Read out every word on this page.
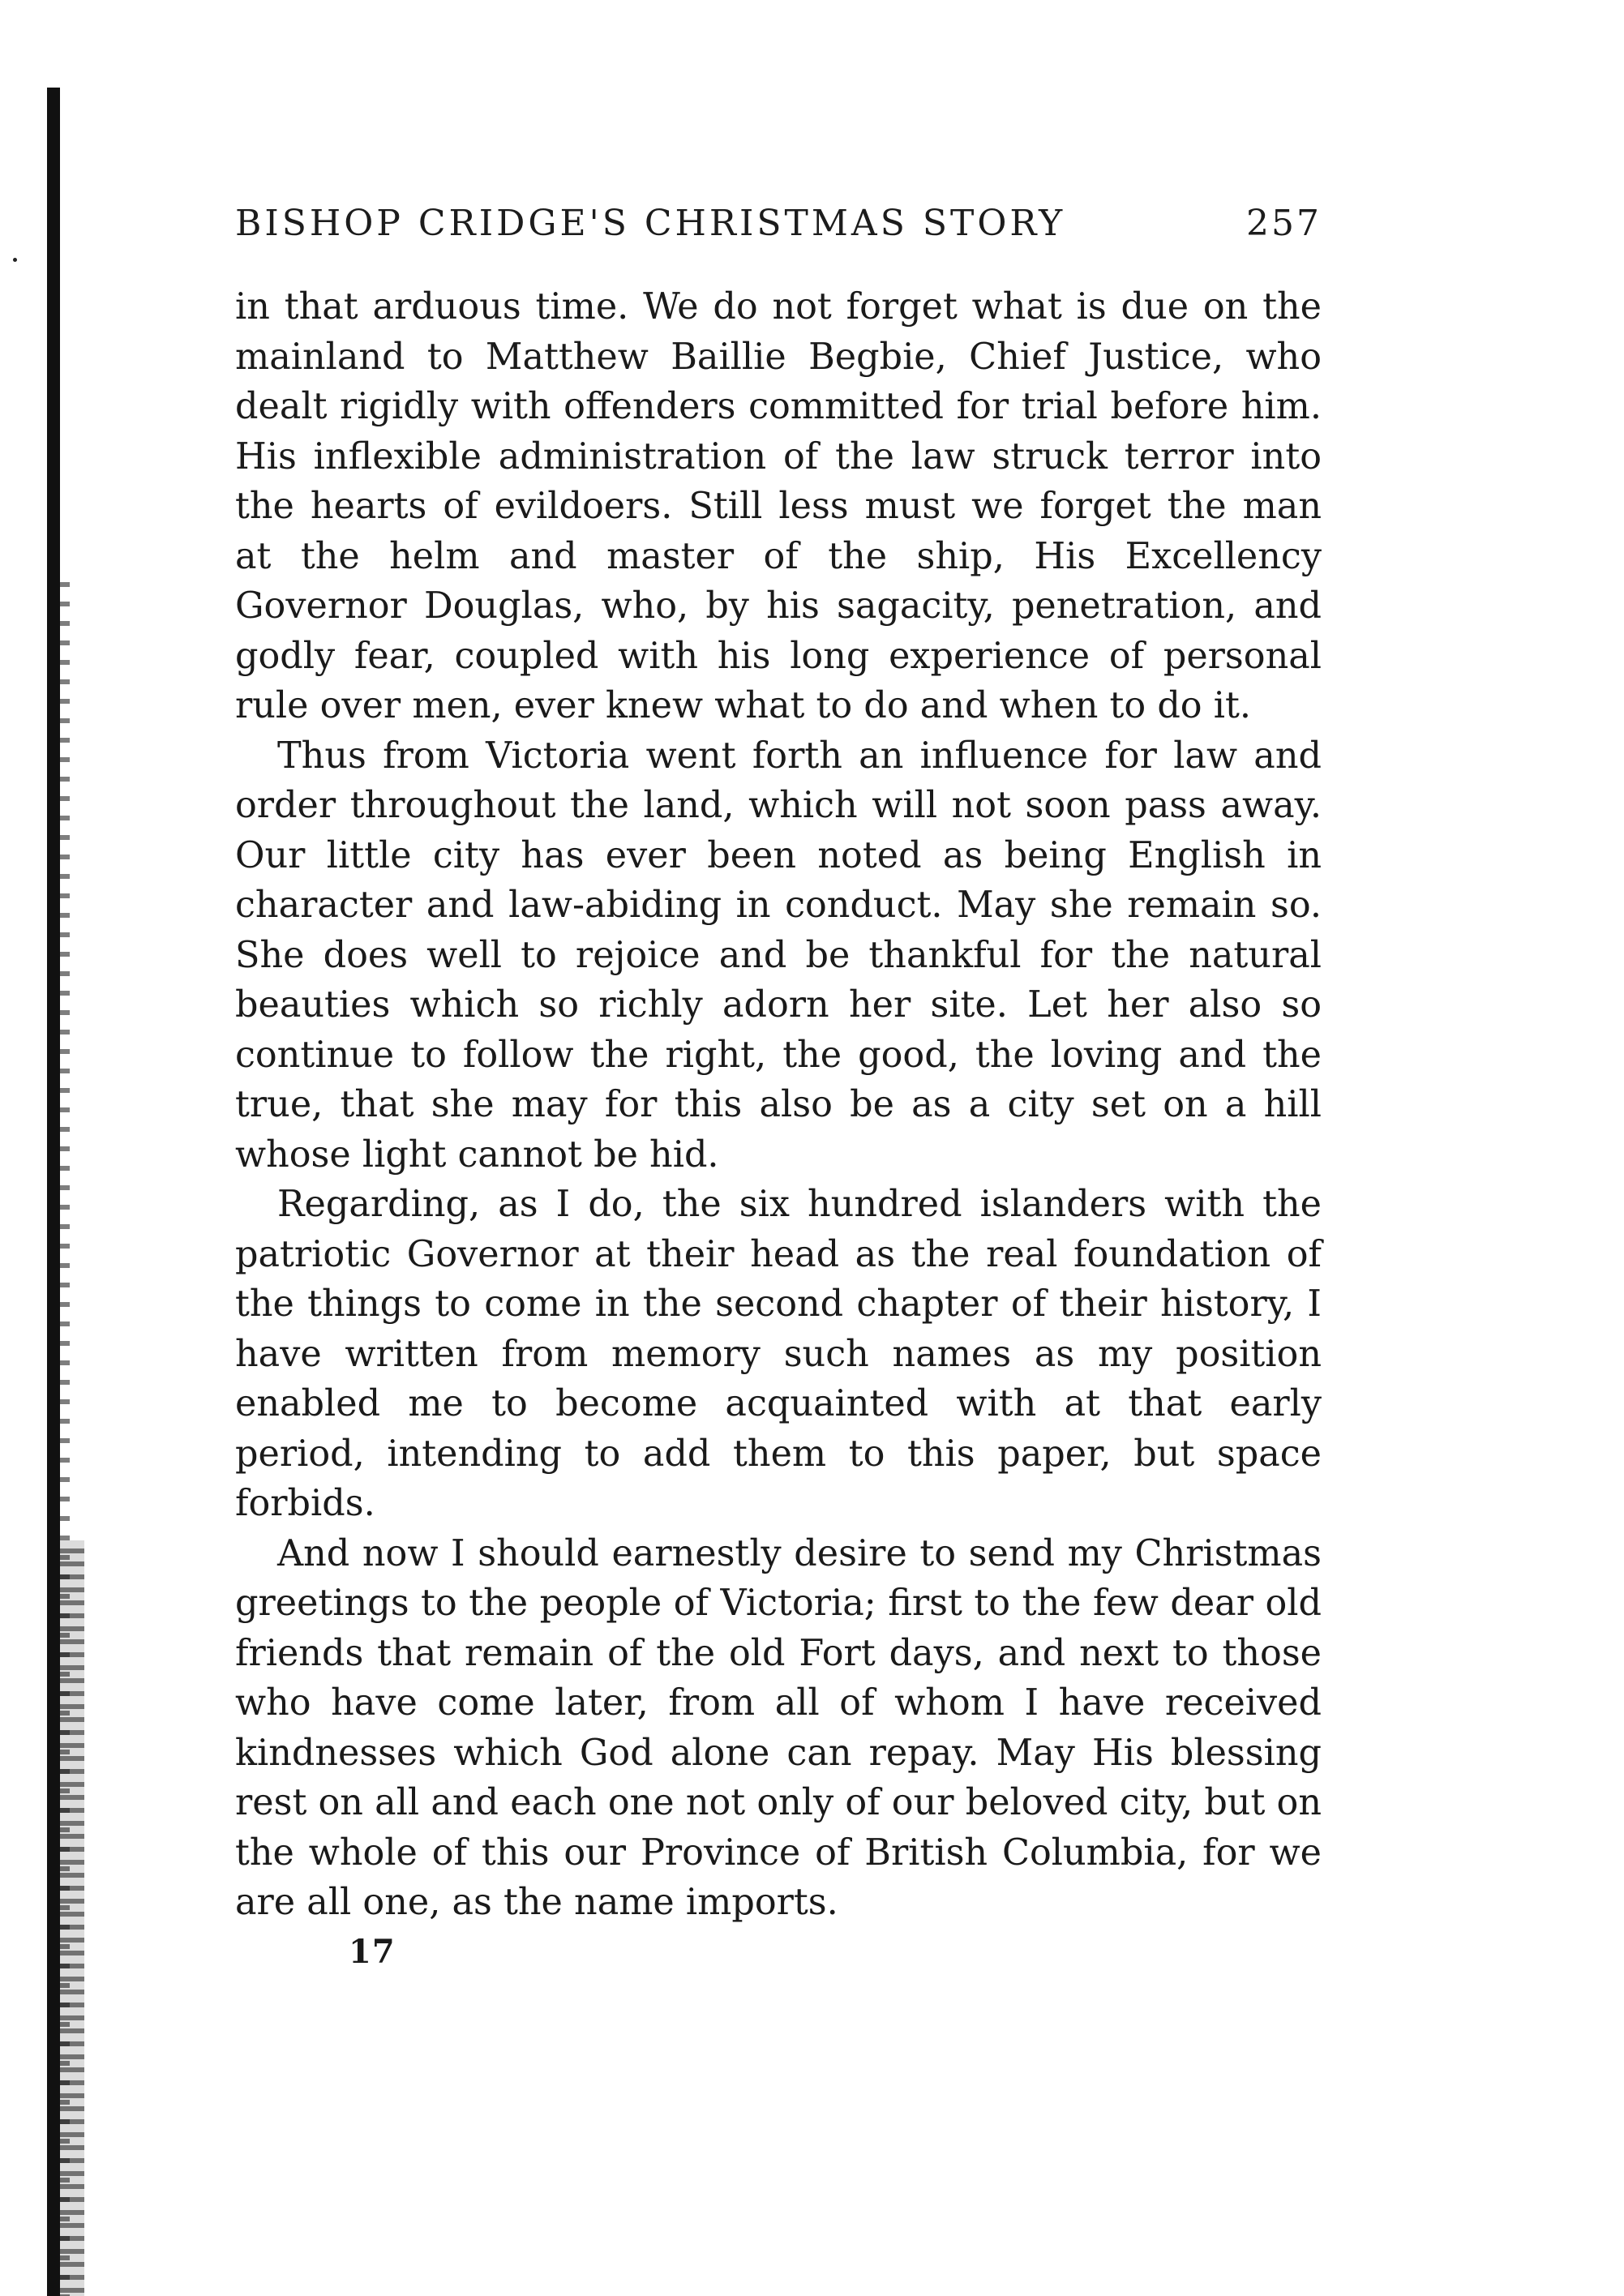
BISHOP CRIDGE'S CHRISTMAS STORY	257

in that arduous time. We do not forget what is due on the mainland to Matthew Baillie Begbie, Chief Justice, who dealt rigidly with offenders committed for trial before him. His inflexible administration of the law struck terror into the hearts of evildoers. Still less must we forget the man at the helm and master of the ship, His Excellency Governor Douglas, who, by his sagacity, penetration, and godly fear, coupled with his long experience of personal rule over men, ever knew what to do and when to do it.

Thus from Victoria went forth an influence for law and order throughout the land, which will not soon pass away. Our little city has ever been noted as being English in character and law-abiding in conduct. May she remain so. She does well to rejoice and be thankful for the natural beauties which so richly adorn her site. Let her also so continue to follow the right, the good, the loving and the true, that she may for this also be as a city set on a hill whose light cannot be hid.

Regarding, as I do, the six hundred islanders with the patriotic Governor at their head as the real foundation of the things to come in the second chapter of their history, I have written from memory such names as my position enabled me to become acquainted with at that early period, intending to add them to this paper, but space forbids.

And now I should earnestly desire to send my Christmas greetings to the people of Victoria; first to the few dear old friends that remain of the old Fort days, and next to those who have come later, from all of whom I have received kindnesses which God alone can repay. May His blessing rest on all and each one not only of our beloved city, but on the whole of this our Province of British Columbia, for we are all one, as the name imports.

17
